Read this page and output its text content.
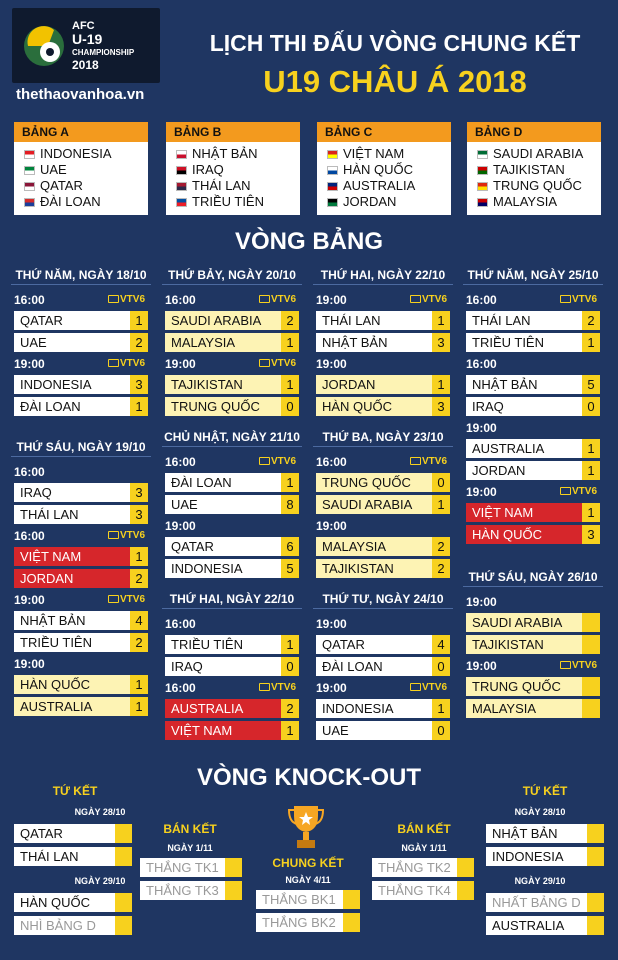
AFC
U-19
CHAMPIONSHIP
2018
thethaovanhoa.vn
LỊCH THI ĐẤU VÒNG CHUNG KẾT
U19 CHÂU Á 2018
BẢNG A
INDONESIA
UAE
QATAR
ĐÀI LOAN
BẢNG B
NHẬT BẢN
IRAQ
THÁI LAN
TRIỀU TIÊN
BẢNG C
VIỆT NAM
HÀN QUỐC
AUSTRALIA
JORDAN
BẢNG D
SAUDI ARABIA
TAJIKISTAN
TRUNG QUỐC
MALAYSIA
VÒNG BẢNG
THỨ NĂM, NGÀY 18/10
16:00	VTV6
QATAR	1
UAE	2
19:00	VTV6
INDONESIA	3
ĐÀI LOAN	1
THỨ SÁU, NGÀY 19/10
16:00
IRAQ	3
THÁI LAN	3
16:00	VTV6
VIỆT NAM	1
JORDAN	2
19:00	VTV6
NHẬT BẢN	4
TRIỀU TIÊN	2
19:00
HÀN QUỐC	1
AUSTRALIA	1
THỨ BẢY, NGÀY 20/10
16:00	VTV6
SAUDI ARABIA	2
MALAYSIA	1
19:00	VTV6
TAJIKISTAN	1
TRUNG QUỐC	0
CHỦ NHẬT, NGÀY 21/10
16:00	VTV6
ĐÀI LOAN	1
UAE	8
19:00
QATAR	6
INDONESIA	5
THỨ HAI, NGÀY 22/10
16:00
TRIỀU TIÊN	1
IRAQ	0
16:00	VTV6
AUSTRALIA	2
VIỆT NAM	1
THỨ HAI, NGÀY 22/10
19:00	VTV6
THÁI LAN	1
NHẬT BẢN	3
19:00
JORDAN	1
HÀN QUỐC	3
THỨ BA, NGÀY 23/10
16:00	VTV6
TRUNG QUỐC	0
SAUDI ARABIA	1
19:00
MALAYSIA	2
TAJIKISTAN	2
THỨ TƯ, NGÀY 24/10
19:00
QATAR	4
ĐÀI LOAN	0
19:00	VTV6
INDONESIA	1
UAE	0
THỨ NĂM, NGÀY 25/10
16:00	VTV6
THÁI LAN	2
TRIỀU TIÊN	1
16:00
NHẬT BẢN	5
IRAQ	0
19:00
AUSTRALIA	1
JORDAN	1
19:00	VTV6
VIỆT NAM	1
HÀN QUỐC	3
THỨ SÁU, NGÀY 26/10
19:00
SAUDI ARABIA
TAJIKISTAN
19:00	VTV6
TRUNG QUỐC
MALAYSIA
VÒNG KNOCK-OUT
TỨ KẾT
NGÀY 28/10
QATAR
THÁI LAN
NGÀY 29/10
HÀN QUỐC
NHÌ BẢNG D
BÁN KẾT
NGÀY 1/11
THẮNG TK1
THẮNG TK3
CHUNG KẾT
NGÀY 4/11
THẮNG BK1
THẮNG BK2
BÁN KẾT
NGÀY 1/11
THẮNG TK2
THẮNG TK4
TỨ KẾT
NGÀY 28/10
NHẬT BẢN
INDONESIA
NGÀY 29/10
NHẤT BẢNG D
AUSTRALIA
